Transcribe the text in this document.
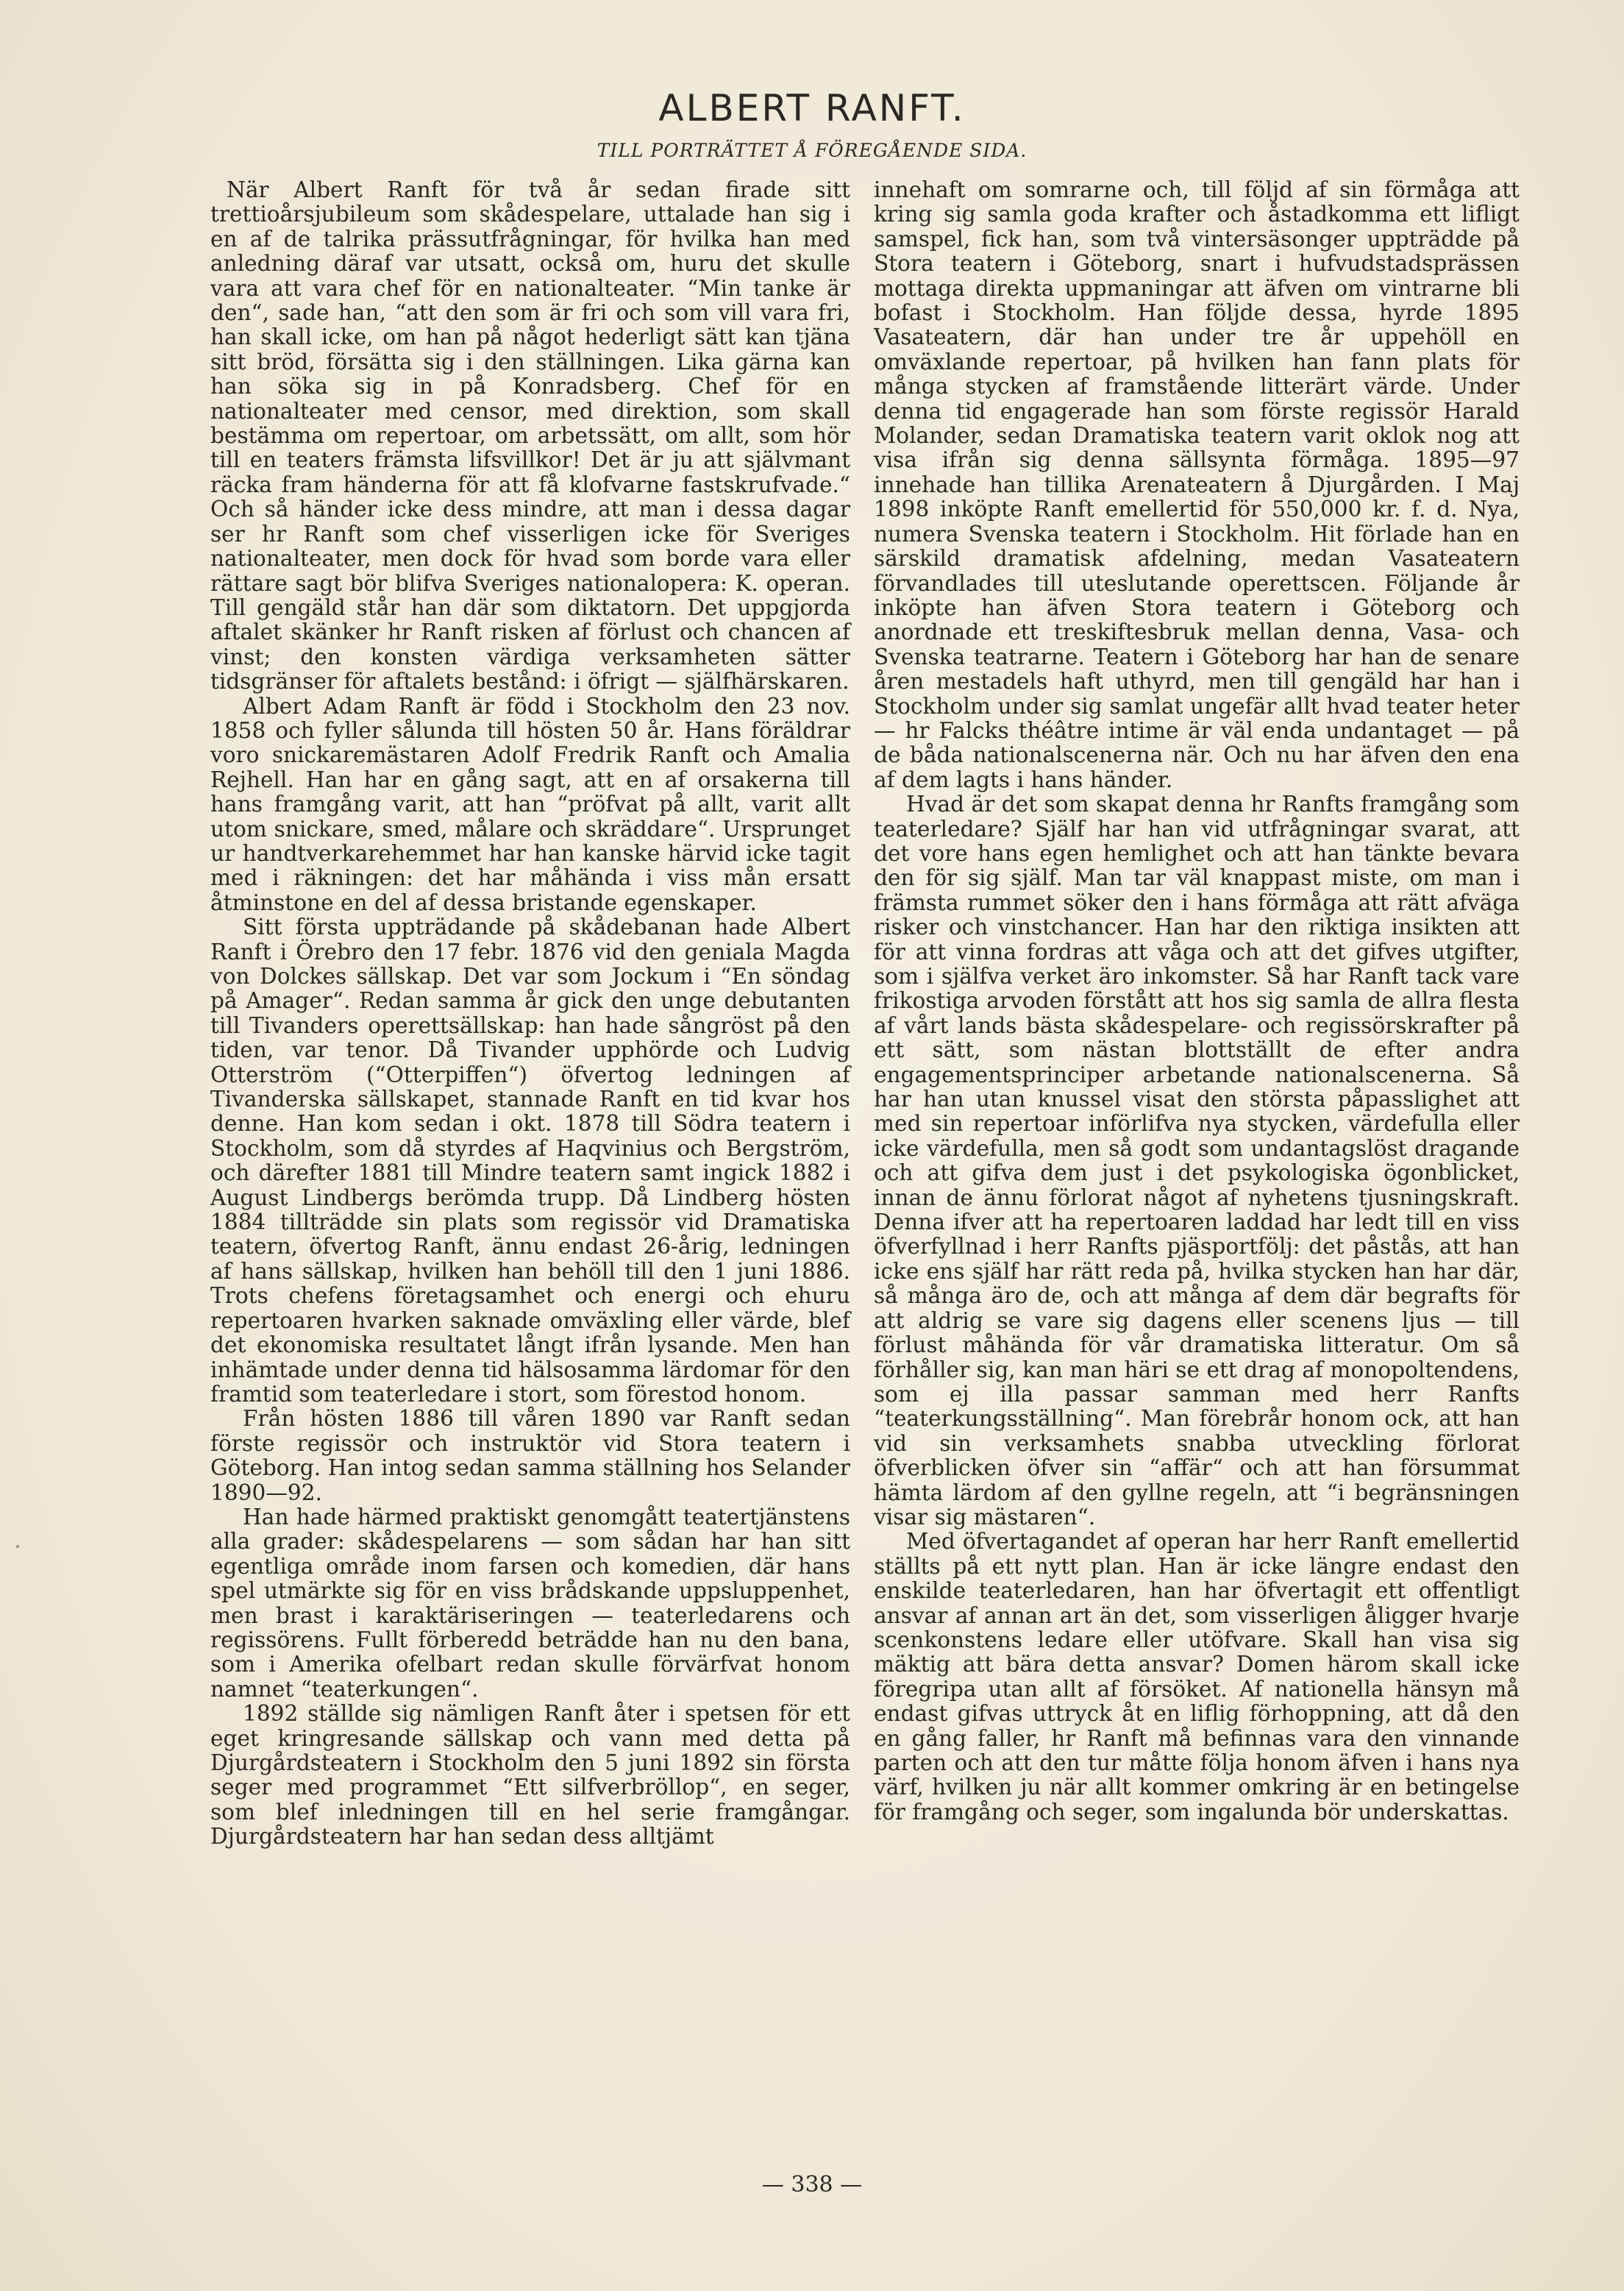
ALBERT RANFT.

TILL PORTRÄTTET Å FÖREGÅENDE SIDA.

När Albert Ranft för två år sedan firade sitt trettioårsjubileum som skådespelare, uttalade han sig i en af de talrika prässutfrågningar, för hvilka han med anledning däraf var utsatt, också om, huru det skulle vara att vara chef för en nationalteater. “Min tanke är den“, sade han, “att den som är fri och som vill vara fri, han skall icke, om han på något hederligt sätt kan tjäna sitt bröd, försätta sig i den ställningen. Lika gärna kan han söka sig in på Konradsberg. Chef för en nationalteater med censor, med direktion, som skall bestämma om repertoar, om arbetssätt, om allt, som hör till en teaters främsta lifsvillkor! Det är ju att självmant räcka fram händerna för att få klofvarne fastskrufvade.“ Och så händer icke dess mindre, att man i dessa dagar ser hr Ranft som chef visserligen icke för Sveriges nationalteater, men dock för hvad som borde vara eller rättare sagt bör blifva Sveriges nationalopera: K. operan. Till gengäld står han där som diktatorn. Det uppgjorda aftalet skänker hr Ranft risken af förlust och chancen af vinst; den konsten värdiga verksamheten sätter tidsgränser för aftalets bestånd: i öfrigt — själfhärskaren.

Albert Adam Ranft är född i Stockholm den 23 nov. 1858 och fyller sålunda till hösten 50 år. Hans föräldrar voro snickaremästaren Adolf Fredrik Ranft och Amalia Rejhell. Han har en gång sagt, att en af orsakerna till hans framgång varit, att han “pröfvat på allt, varit allt utom snickare, smed, målare och skräddare“. Ursprunget ur handtverkarehemmet har han kanske härvid icke tagit med i räkningen: det har måhända i viss mån ersatt åtminstone en del af dessa bristande egenskaper.

Sitt första uppträdande på skådebanan hade Albert Ranft i Örebro den 17 febr. 1876 vid den geniala Magda von Dolckes sällskap. Det var som Jockum i “En söndag på Amager“. Redan samma år gick den unge debutanten till Tivanders operettsällskap: han hade sångröst på den tiden, var tenor. Då Tivander upphörde och Ludvig Otterström (“Otterpiffen“) öfvertog ledningen af Tivanderska sällskapet, stannade Ranft en tid kvar hos denne. Han kom sedan i okt. 1878 till Södra teatern i Stockholm, som då styrdes af Haqvinius och Bergström, och därefter 1881 till Mindre teatern samt ingick 1882 i August Lindbergs berömda trupp. Då Lindberg hösten 1884 tillträdde sin plats som regissör vid Dramatiska teatern, öfvertog Ranft, ännu endast 26-årig, ledningen af hans sällskap, hvilken han behöll till den 1 juni 1886. Trots chefens företagsamhet och energi och ehuru repertoaren hvarken saknade omväxling eller värde, blef det ekonomiska resultatet långt ifrån lysande. Men han inhämtade under denna tid hälsosamma lärdomar för den framtid som teaterledare i stort, som förestod honom.

Från hösten 1886 till våren 1890 var Ranft sedan förste regissör och instruktör vid Stora teatern i Göteborg. Han intog sedan samma ställning hos Selander 1890—92.

Han hade härmed praktiskt genomgått teatertjänstens alla grader: skådespelarens — som sådan har han sitt egentliga område inom farsen och komedien, där hans spel utmärkte sig för en viss brådskande uppsluppenhet, men brast i karaktäriseringen — teaterledarens och regissörens. Fullt förberedd beträdde han nu den bana, som i Amerika ofelbart redan skulle förvärfvat honom namnet “teaterkungen“.

1892 ställde sig nämligen Ranft åter i spetsen för ett eget kringresande sällskap och vann med detta på Djurgårdsteatern i Stockholm den 5 juni 1892 sin första seger med programmet “Ett silfverbröllop“, en seger, som blef inledningen till en hel serie framgångar. Djurgårdsteatern har han sedan dess alltjämt

innehaft om somrarne och, till följd af sin förmåga att kring sig samla goda krafter och åstadkomma ett lifligt samspel, fick han, som två vintersäsonger uppträdde på Stora teatern i Göteborg, snart i hufvudstadsprässen mottaga direkta uppmaningar att äfven om vintrarne bli bofast i Stockholm. Han följde dessa, hyrde 1895 Vasateatern, där han under tre år uppehöll en omväxlande repertoar, på hvilken han fann plats för många stycken af framstående litterärt värde. Under denna tid engagerade han som förste regissör Harald Molander, sedan Dramatiska teatern varit oklok nog att visa ifrån sig denna sällsynta förmåga. 1895—97 innehade han tillika Arenateatern å Djurgården. I Maj 1898 inköpte Ranft emellertid för 550,000 kr. f. d. Nya, numera Svenska teatern i Stockholm. Hit förlade han en särskild dramatisk afdelning, medan Vasateatern förvandlades till uteslutande operettscen. Följande år inköpte han äfven Stora teatern i Göteborg och anordnade ett treskiftesbruk mellan denna, Vasa- och Svenska teatrarne. Teatern i Göteborg har han de senare åren mestadels haft uthyrd, men till gengäld har han i Stockholm under sig samlat ungefär allt hvad teater heter — hr Falcks théâtre intime är väl enda undantaget — på de båda nationalscenerna när. Och nu har äfven den ena af dem lagts i hans händer.

Hvad är det som skapat denna hr Ranfts framgång som teaterledare? Själf har han vid utfrågningar svarat, att det vore hans egen hemlighet och att han tänkte bevara den för sig själf. Man tar väl knappast miste, om man i främsta rummet söker den i hans förmåga att rätt afväga risker och vinstchancer. Han har den riktiga insikten att för att vinna fordras att våga och att det gifves utgifter, som i själfva verket äro inkomster. Så har Ranft tack vare frikostiga arvoden förstått att hos sig samla de allra flesta af vårt lands bästa skådespelare- och regissörskrafter på ett sätt, som nästan blottställt de efter andra engagementsprinciper arbetande nationalscenerna. Så har han utan knussel visat den största påpasslighet att med sin repertoar införlifva nya stycken, värdefulla eller icke värdefulla, men så godt som undantagslöst dragande och att gifva dem just i det psykologiska ögonblicket, innan de ännu förlorat något af nyhetens tjusningskraft. Denna ifver att ha repertoaren laddad har ledt till en viss öfverfyllnad i herr Ranfts pjäsportfölj: det påstås, att han icke ens själf har rätt reda på, hvilka stycken han har där, så många äro de, och att många af dem där begrafts för att aldrig se vare sig dagens eller scenens ljus — till förlust måhända för vår dramatiska litteratur. Om så förhåller sig, kan man häri se ett drag af monopoltendens, som ej illa passar samman med herr Ranfts “teaterkungsställning“. Man förebrår honom ock, att han vid sin verksamhets snabba utveckling förlorat öfverblicken öfver sin “affär“ och att han försummat hämta lärdom af den gyllne regeln, att “i begränsningen visar sig mästaren“.

Med öfvertagandet af operan har herr Ranft emellertid ställts på ett nytt plan. Han är icke längre endast den enskilde teaterledaren, han har öfvertagit ett offentligt ansvar af annan art än det, som visserligen åligger hvarje scenkonstens ledare eller utöfvare. Skall han visa sig mäktig att bära detta ansvar? Domen härom skall icke föregripa utan allt af försöket. Af nationella hänsyn må endast gifvas uttryck åt en liflig förhoppning, att då den en gång faller, hr Ranft må befinnas vara den vinnande parten och att den tur måtte följa honom äfven i hans nya värf, hvilken ju när allt kommer omkring är en betingelse för framgång och seger, som ingalunda bör underskattas.

— 338 —
